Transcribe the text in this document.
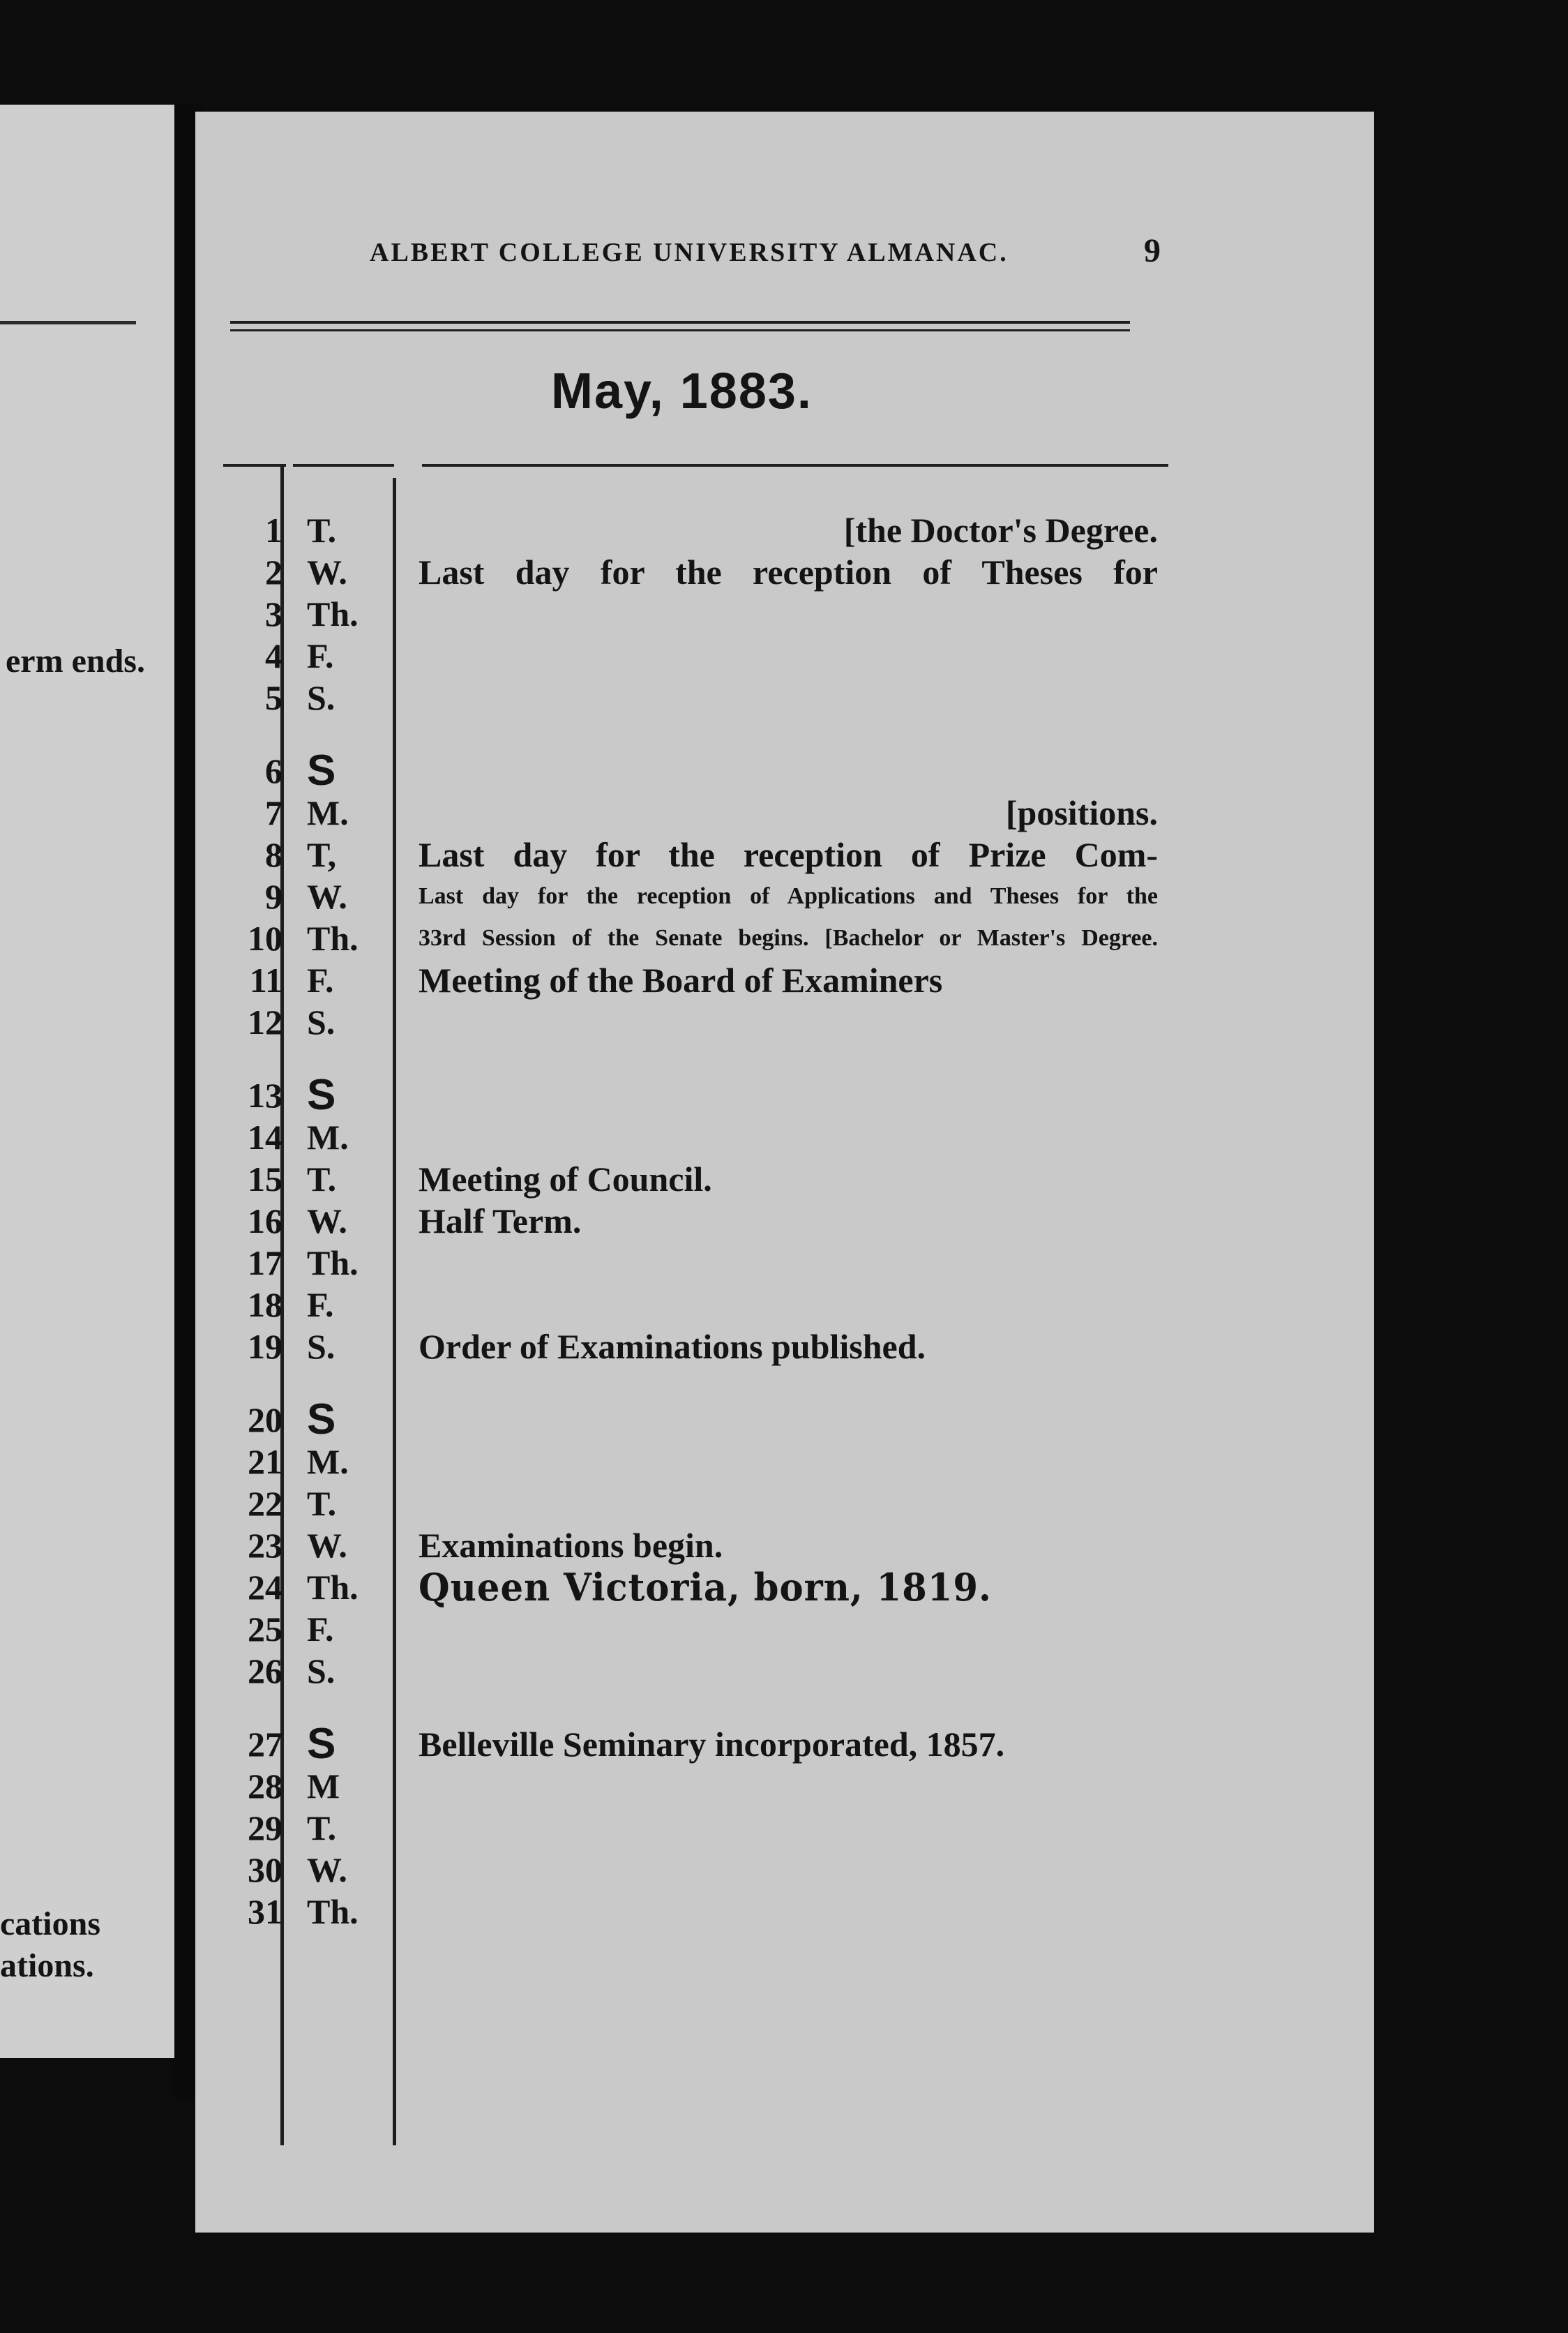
erm ends.
cations
ations.
ALBERT COLLEGE UNIVERSITY ALMANAC.	9
May, 1883.
1 T.	[the Doctor's Degree.
2 W.	Last day for the reception of Theses for
3 Th.
4 F.
5 S.
6 S
7 M.	[positions.
8 T,	Last day for the reception of Prize Com-
9 W.	Last day for the reception of Applications and Theses for the
10 Th.	33rd Session of the Senate begins. [Bachelor or Master's Degree.
11 F.	Meeting of the Board of Examiners
12 S.
13 S
14 M.
15 T.	Meeting of Council.
16 W.	Half Term.
17 Th.
18 F.
19 S.	Order of Examinations published.
20 S
21 M.
22 T.
23 W.	Examinations begin.
24 Th.	Queen Victoria, born, 1819.
25 F.
26 S.
27 S	Belleville Seminary incorporated, 1857.
28 M
29 T.
30 W.
31 Th.
